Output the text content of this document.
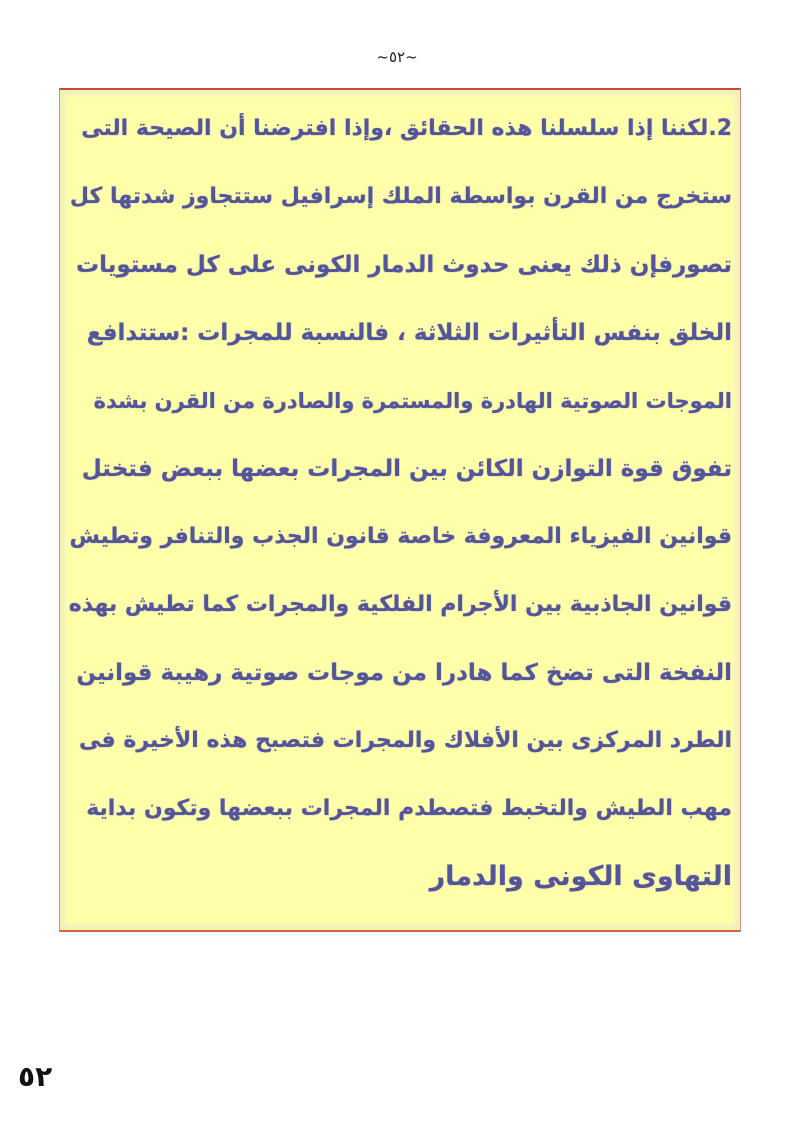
~٥٢~
2.لكننا إذا سلسلنا هذه الحقائق ،وإذا افترضنا أن الصيحة التى
ستخرج من القرن بواسطة الملك إسرافيل ستتجاوز شدتها كل
تصورفإن ذلك يعنى حدوث الدمار الكونى على كل مستويات
الخلق بنفس التأثيرات الثلاثة ، فالنسبة للمجرات :ستتدافع
الموجات الصوتية الهادرة والمستمرة والصادرة من القرن بشدة
تفوق قوة التوازن الكائن بين المجرات بعضها ببعض فتختل
قوانين الفيزياء المعروفة خاصة قانون الجذب والتنافر وتطيش
قوانين الجاذبية بين الأجرام الفلكية والمجرات كما تطيش بهذه
النفخة التى تضخ كما هادرا من موجات صوتية رهيبة قوانين
الطرد المركزى بين الأفلاك والمجرات فتصبح هذه الأخيرة فى
مهب الطيش والتخبط فتصطدم المجرات ببعضها وتكون بداية
التهاوى الكونى والدمار
٥٢
